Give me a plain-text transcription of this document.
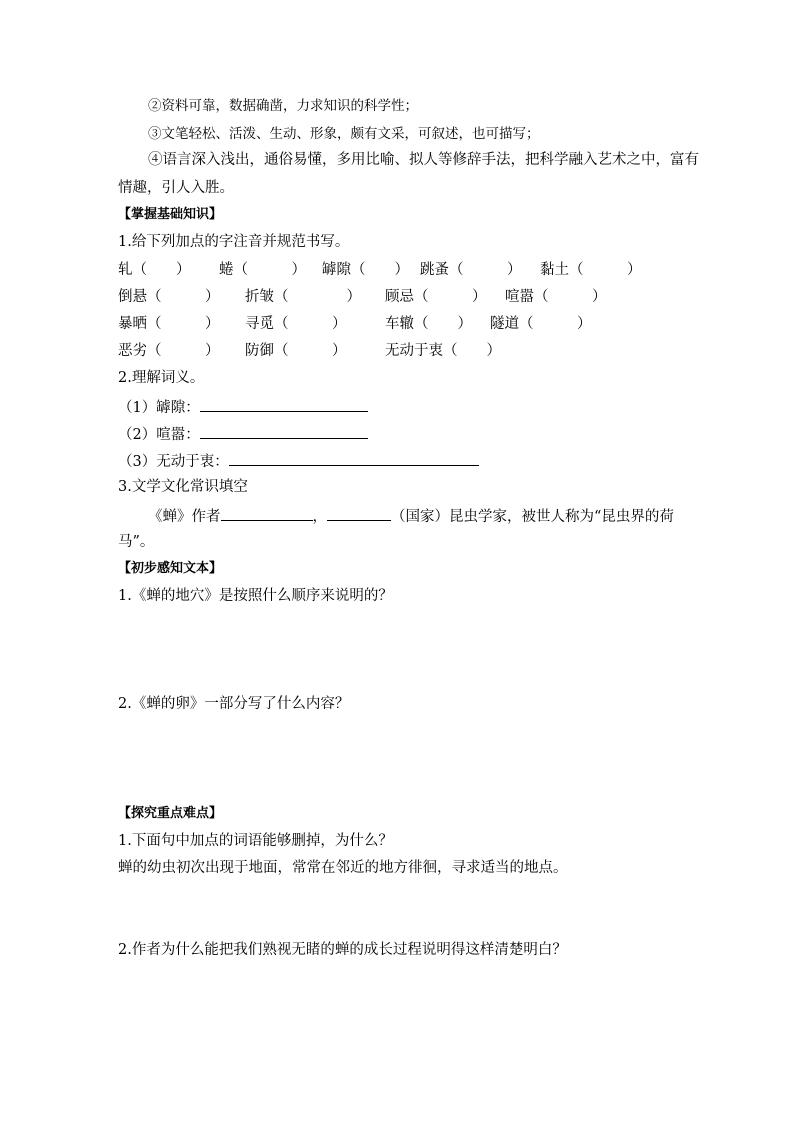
②资料可靠，数据确凿，力求知识的科学性；
③文笔轻松、活泼、生动、形象，颇有文采，可叙述，也可描写；
④语言深入浅出，通俗易懂，多用比喻、拟人等修辞手法，把科学融入艺术之中，富有
情趣，引人入胜。
【掌握基础知识】
1.给下列加点的字注音并规范书写。
轧（　　） 蜷（　　　） 罅隙（　　） 跳蚤（　　　） 黏土（　　　）
倒悬（　　　） 折皱（　　　　） 顾忌（　　　） 喧嚣（　　　）
暴晒（　　　） 寻觅（　　　）	车辙（　　） 隧道（　　　）
恶劣（　　　） 防御（　　　）	无动于衷（　　）
2.理解词义。
（1）罅隙：
（2）喧嚣：
（3）无动于衷：
3.文学文化常识填空
《蝉》作者	，	（国家）昆虫学家，被世人称为“昆虫界的荷
马”。
【初步感知文本】
1.《蝉的地穴》是按照什么顺序来说明的？
2.《蝉的卵》一部分写了什么内容？
【探究重点难点】
1.下面句中加点的词语能够删掉，为什么？
蝉的幼虫初次出现于地面，常常在邻近的地方徘徊，寻求适当的地点。
2.作者为什么能把我们熟视无睹的蝉的成长过程说明得这样清楚明白？
